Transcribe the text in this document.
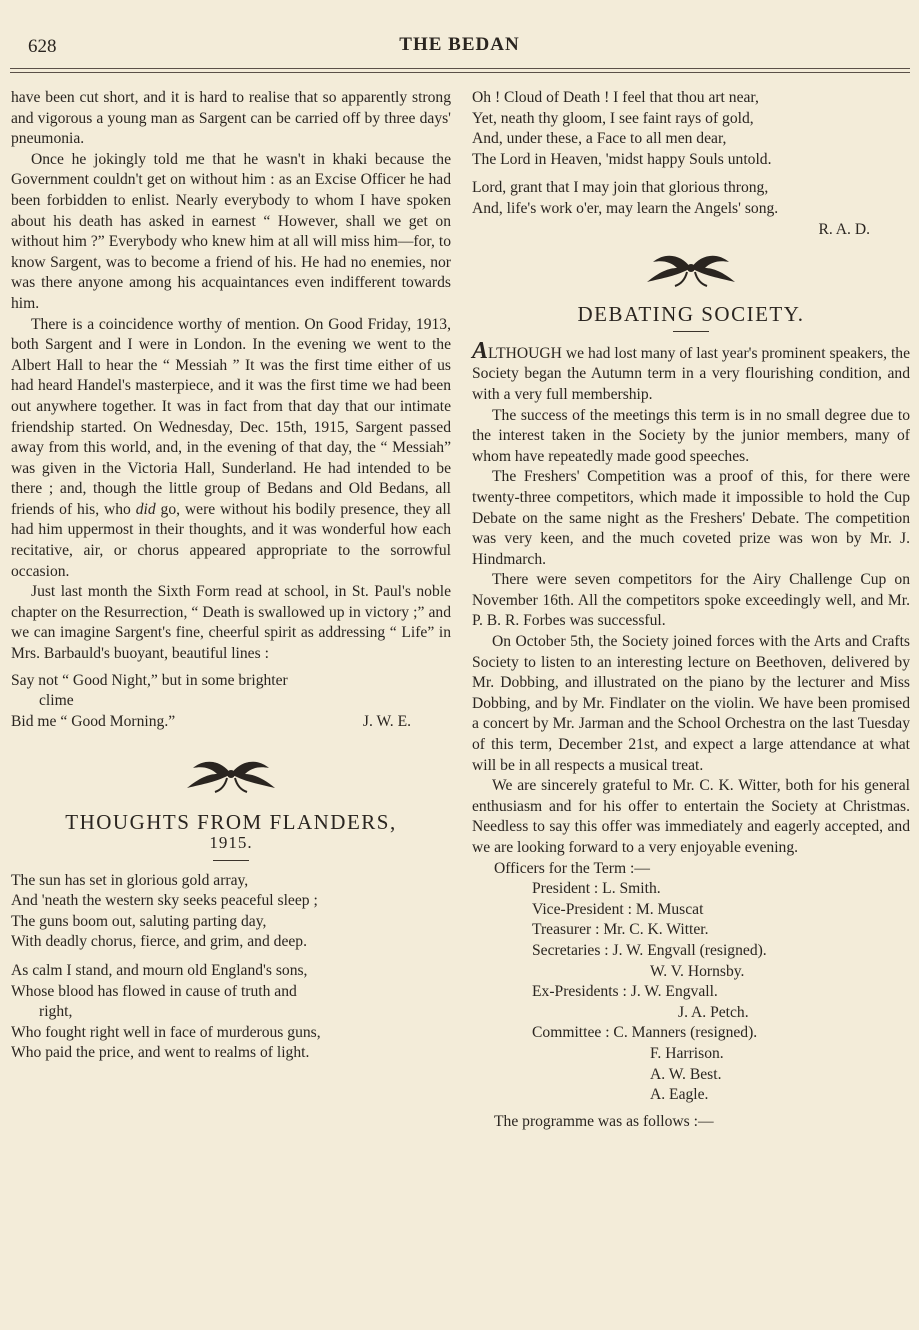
628	THE BEDAN

have been cut short, and it is hard to realise that so apparently strong and vigorous a young man as Sargent can be carried off by three days' pneumonia.

Once he jokingly told me that he wasn't in khaki because the Government couldn't get on without him : as an Excise Officer he had been forbidden to enlist. Nearly everybody to whom I have spoken about his death has asked in earnest “ However, shall we get on without him ?” Everybody who knew him at all will miss him—for, to know Sargent, was to become a friend of his. He had no enemies, nor was there anyone among his acquaintances even indifferent towards him.

There is a coincidence worthy of mention. On Good Friday, 1913, both Sargent and I were in London. In the evening we went to the Albert Hall to hear the “ Messiah ” It was the first time either of us had heard Handel's masterpiece, and it was the first time we had been out anywhere together. It was in fact from that day that our intimate friendship started. On Wednesday, Dec. 15th, 1915, Sargent passed away from this world, and, in the evening of that day, the “ Messiah” was given in the Victoria Hall, Sunderland. He had intended to be there ; and, though the little group of Bedans and Old Bedans, all friends of his, who did go, were without his bodily presence, they all had him uppermost in their thoughts, and it was wonderful how each recitative, air, or chorus appeared appropriate to the sorrowful occasion.

Just last month the Sixth Form read at school, in St. Paul's noble chapter on the Resurrection, “ Death is swallowed up in victory ;” and we can imagine Sargent's fine, cheerful spirit as addressing “ Life” in Mrs. Barbauld's buoyant, beautiful lines :

Say not “ Good Night,” but in some brighter
clime
Bid me “ Good Morning.”	J. W. E.

THOUGHTS FROM FLANDERS,

1915.

The sun has set in glorious gold array,
And 'neath the western sky seeks peaceful sleep ;
The guns boom out, saluting parting day,
With deadly chorus, fierce, and grim, and deep.
As calm I stand, and mourn old England's sons,
Whose blood has flowed in cause of truth and
right,
Who fought right well in face of murderous guns,
Who paid the price, and went to realms of light.
Oh ! Cloud of Death ! I feel that thou art near,
Yet, neath thy gloom, I see faint rays of gold,
And, under these, a Face to all men dear,
The Lord in Heaven, 'midst happy Souls untold.
Lord, grant that I may join that glorious throng,
And, life's work o'er, may learn the Angels' song.

R. A. D.

DEBATING SOCIETY.

ALTHOUGH we had lost many of last year's prominent speakers, the Society began the Autumn term in a very flourishing condition, and with a very full membership.

The success of the meetings this term is in no small degree due to the interest taken in the Society by the junior members, many of whom have repeatedly made good speeches.

The Freshers' Competition was a proof of this, for there were twenty-three competitors, which made it impossible to hold the Cup Debate on the same night as the Freshers' Debate. The competition was very keen, and the much coveted prize was won by Mr. J. Hindmarch.

There were seven competitors for the Airy Challenge Cup on November 16th. All the competitors spoke exceedingly well, and Mr. P. B. R. Forbes was successful.

On October 5th, the Society joined forces with the Arts and Crafts Society to listen to an interesting lecture on Beethoven, delivered by Mr. Dobbing, and illustrated on the piano by the lecturer and Miss Dobbing, and by Mr. Findlater on the violin. We have been promised a concert by Mr. Jarman and the School Orchestra on the last Tuesday of this term, December 21st, and expect a large attendance at what will be in all respects a musical treat.

We are sincerely grateful to Mr. C. K. Witter, both for his general enthusiasm and for his offer to entertain the Society at Christmas. Needless to say this offer was immediately and eagerly accepted, and we are looking forward to a very enjoyable evening.

Officers for the Term :—
President : L. Smith.
Vice-President : M. Muscat
Treasurer : Mr. C. K. Witter.
Secretaries : J. W. Engvall (resigned).
W. V. Hornsby.
Ex-Presidents : J. W. Engvall.
J. A. Petch.
Committee : C. Manners (resigned).
F. Harrison.
A. W. Best.
A. Eagle.

The programme was as follows :—
